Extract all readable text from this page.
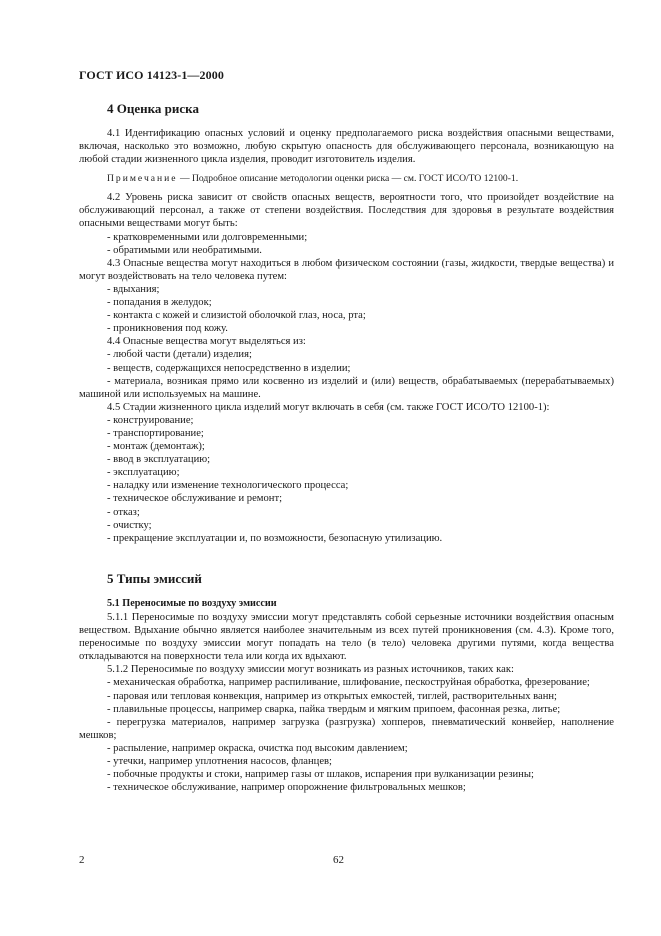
ГОСТ ИСО 14123-1—2000
4 Оценка риска

4.1 Идентификацию опасных условий и оценку предполагаемого риска воздействия опасными веществами, включая, насколько это возможно, любую скрытую опасность для обслуживающего персонала, возникающую на любой стадии жизненного цикла изделия, проводит изготовитель изделия.

Примечание — Подробное описание методологии оценки риска — см. ГОСТ ИСО/ТО 12100-1.

4.2 Уровень риска зависит от свойств опасных веществ, вероятности того, что произойдет воздействие на обслуживающий персонал, а также от степени воздействия. Последствия для здоровья в результате воздействия опасными веществами могут быть:

- кратковременными или долговременными;

- обратимыми или необратимыми.

4.3 Опасные вещества могут находиться в любом физическом состоянии (газы, жидкости, твердые вещества) и могут воздействовать на тело человека путем:

- вдыхания;

- попадания в желудок;

- контакта с кожей и слизистой оболочкой глаз, носа, рта;

- проникновения под кожу.

4.4 Опасные вещества могут выделяться из:

- любой части (детали) изделия;

- веществ, содержащихся непосредственно в изделии;

- материала, возникая прямо или косвенно из изделий и (или) веществ, обрабатываемых (перерабатываемых) машиной или используемых на машине.

4.5 Стадии жизненного цикла изделий могут включать в себя (см. также ГОСТ ИСО/ТО 12100-1):

- конструирование;

- транспортирование;

- монтаж (демонтаж);

- ввод в эксплуатацию;

- эксплуатацию;

- наладку или изменение технологического процесса;

- техническое обслуживание и ремонт;

- отказ;

- очистку;

- прекращение эксплуатации и, по возможности, безопасную утилизацию.

5 Типы эмиссий
5.1 Переносимые по воздуху эмиссии

5.1.1 Переносимые по воздуху эмиссии могут представлять собой серьезные источники воздействия опасным веществом. Вдыхание обычно является наиболее значительным из всех путей проникновения (см. 4.3). Кроме того, переносимые по воздуху эмиссии могут попадать на тело (в тело) человека другими путями, когда вещества откладываются на поверхности тела или когда их вдыхают.

5.1.2 Переносимые по воздуху эмиссии могут возникать из разных источников, таких как:

- механическая обработка, например распиливание, шлифование, пескоструйная обработка, фрезерование;

- паровая или тепловая конвекция, например из открытых емкостей, тиглей, растворительных ванн;

- плавильные процессы, например сварка, пайка твердым и мягким припоем, фасонная резка, литье;

- перегрузка материалов, например загрузка (разгрузка) хопперов, пневматический конвейер, наполнение мешков;

- распыление, например окраска, очистка под высоким давлением;

- утечки, например уплотнения насосов, фланцев;

- побочные продукты и стоки, например газы от шлаков, испарения при вулканизации резины;

- техническое обслуживание, например опорожнение фильтровальных мешков;

2	62
